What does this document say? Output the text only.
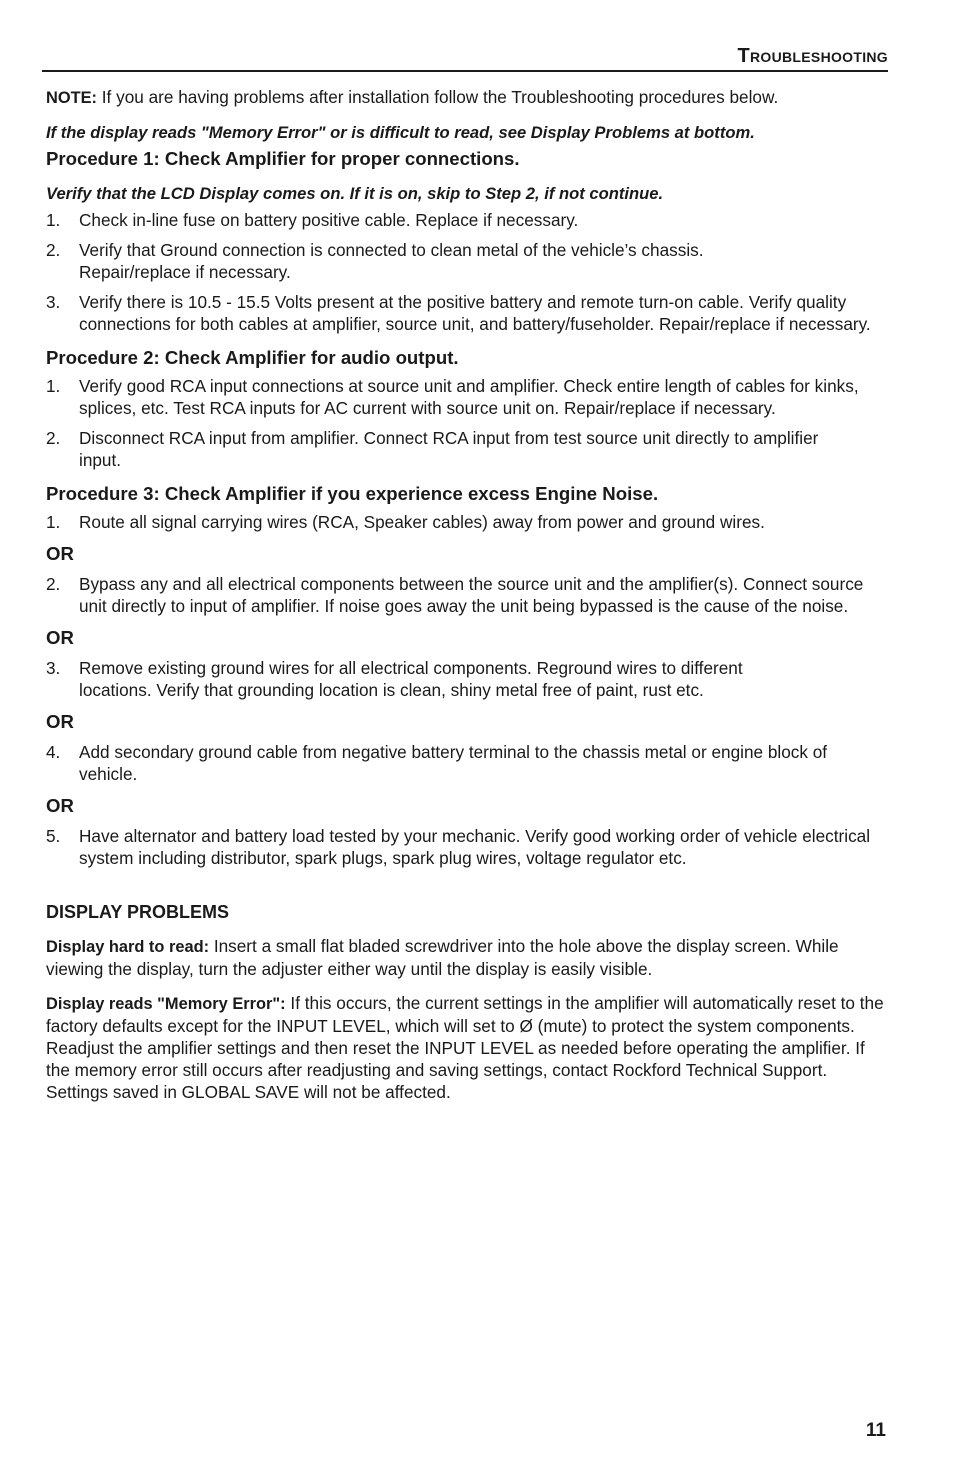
Troubleshooting

NOTE: If you are having problems after installation follow the Troubleshooting procedures below.

If the display reads "Memory Error" or is difficult to read, see Display Problems at bottom.

Procedure 1: Check Amplifier for proper connections.

Verify that the LCD Display comes on. If it is on, skip to Step 2, if not continue.

1. Check in-line fuse on battery positive cable. Replace if necessary.
2. Verify that Ground connection is connected to clean metal of the vehicle’s chassis. Repair/replace if necessary.
3. Verify there is 10.5 - 15.5 Volts present at the positive battery and remote turn-on cable. Verify quality connections for both cables at amplifier, source unit, and battery/fuseholder. Repair/replace if necessary.

Procedure 2: Check Amplifier for audio output.

1. Verify good RCA input connections at source unit and amplifier. Check entire length of cables for kinks, splices, etc. Test RCA inputs for AC current with source unit on. Repair/replace if necessary.
2. Disconnect RCA input from amplifier. Connect RCA input from test source unit directly to amplifier input.

Procedure 3: Check Amplifier if you experience excess Engine Noise.

1. Route all signal carrying wires (RCA, Speaker cables) away from power and ground wires.

OR

2. Bypass any and all electrical components between the source unit and the amplifier(s). Connect source unit directly to input of amplifier. If noise goes away the unit being bypassed is the cause of the noise.

OR

3. Remove existing ground wires for all electrical components. Reground wires to different locations. Verify that grounding location is clean, shiny metal free of paint, rust etc.

OR

4. Add secondary ground cable from negative battery terminal to the chassis metal or engine block of vehicle.

OR

5. Have alternator and battery load tested by your mechanic. Verify good working order of vehicle electrical system including distributor, spark plugs, spark plug wires, voltage regulator etc.

DISPLAY PROBLEMS

Display hard to read: Insert a small flat bladed screwdriver into the hole above the display screen. While viewing the display, turn the adjuster either way until the display is easily visible.

Display reads "Memory Error": If this occurs, the current settings in the amplifier will automatically reset to the factory defaults except for the INPUT LEVEL, which will set to Ø (mute) to protect the system components. Readjust the amplifier settings and then reset the INPUT LEVEL as needed before operating the amplifier. If the memory error still occurs after readjusting and saving settings, contact Rockford Technical Support. Settings saved in GLOBAL SAVE will not be affected.

11
